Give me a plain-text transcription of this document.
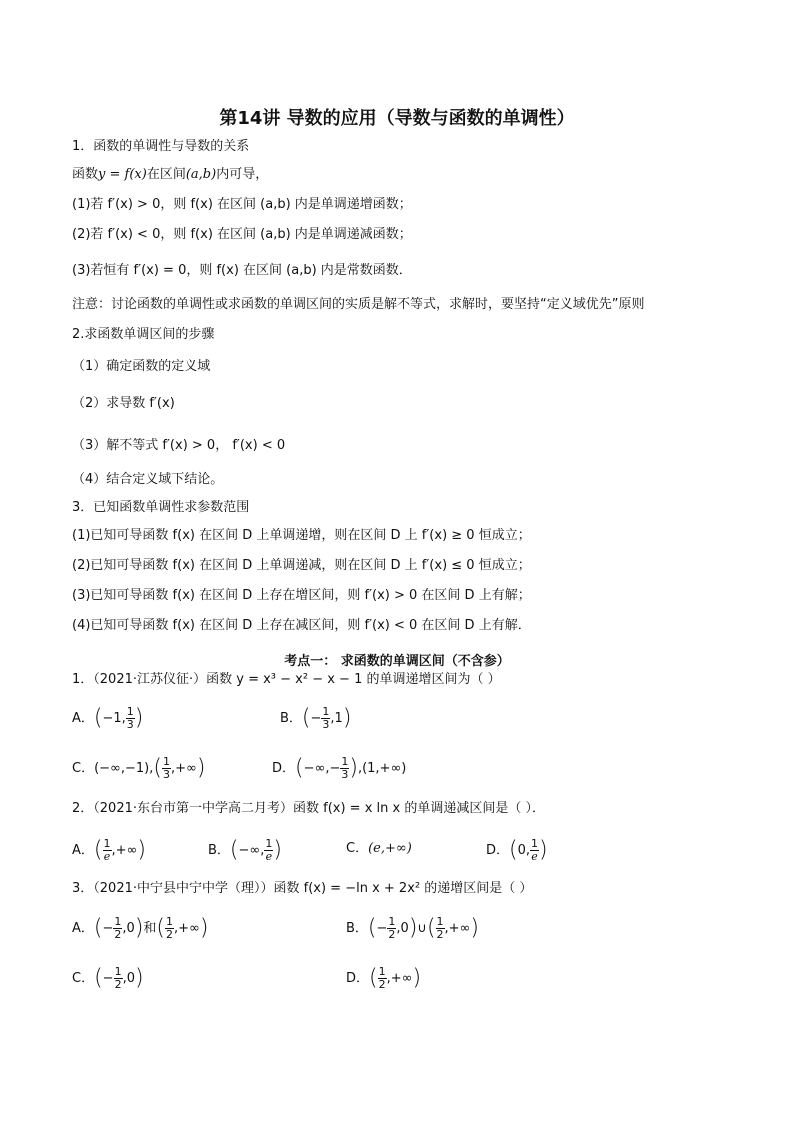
第14讲 导数的应用（导数与函数的单调性）
1．函数的单调性与导数的关系
函数y = f(x)在区间(a,b)内可导，
(1)若 f′(x) > 0，则 f(x) 在区间 (a,b) 内是单调递增函数；
(2)若 f′(x) < 0，则 f(x) 在区间 (a,b) 内是单调递减函数；
(3)若恒有 f′(x) = 0，则 f(x) 在区间 (a,b) 内是常数函数．
注意：讨论函数的单调性或求函数的单调区间的实质是解不等式，求解时，要坚持“定义域优先”原则
2.求函数单调区间的步骤
（1）确定函数的定义域
（2）求导数 f′(x)
（3）解不等式 f′(x) > 0， f′(x) < 0
（4）结合定义域下结论。
3．已知函数单调性求参数范围
(1)已知可导函数 f(x) 在区间 D 上单调递增，则在区间 D 上 f′(x) ≥ 0 恒成立；
(2)已知可导函数 f(x) 在区间 D 上单调递减，则在区间 D 上 f′(x) ≤ 0 恒成立；
(3)已知可导函数 f(x) 在区间 D 上存在增区间，则 f′(x) > 0 在区间 D 上有解；
(4)已知可导函数 f(x) 在区间 D 上存在减区间，则 f′(x) < 0 在区间 D 上有解．
考点一： 求函数的单调区间（不含参）
1．（2021·江苏仪征·）函数 y = x³ − x² − x − 1 的单调递增区间为（ ）
A．(−1, $\frac{1}{3}$ )	B．(− $\frac{1}{3} ,1$)
C．$(-\infty,-1),( \frac{1}{3}$ ,+∞)	D．(−∞,− $\frac{1}{3} ),(1,+\infty)$
2．（2021·东台市第一中学高二月考）函数 f(x) = x ln x 的单调递减区间是（ ）．
A．( $\frac{1}{e}$ ,+∞)	B．(−∞, $\frac{1}{e}$ )	C．(e,+∞)	D．(0, $\frac{1}{e}$ )
3．（2021·中宁县中宁中学（理））函数 f(x) = −ln x + 2x² 的递增区间是（ ）
A．(− $\frac{1}{2} ,0$)和( $\frac{1}{2}$ ,+∞)	B．(− $\frac{1}{2}$ ,0)∪( $\frac{1}{2}$ ,+∞)
C．(− $\frac{1}{2} ,0$)	D．( $\frac{1}{2}$ ,+∞)
